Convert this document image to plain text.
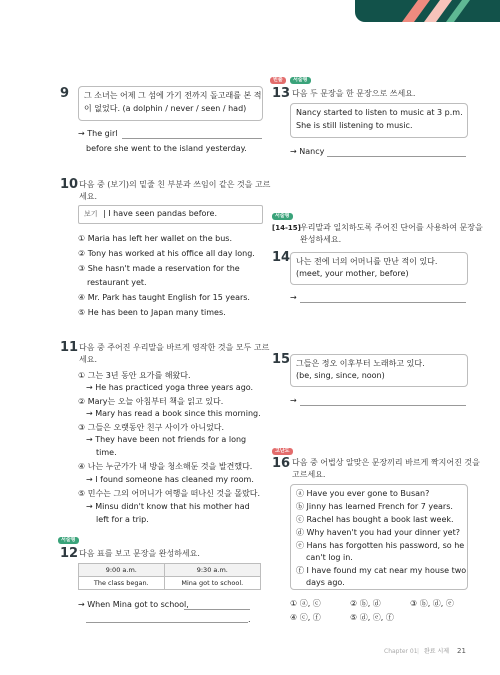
9 그 소녀는 어제 그 섬에 가기 전까지 돌고래를 본 적
이 없었다. (a dolphin / never / seen / had)
→ The girl
before she went to the island yesterday.
10 다음 중 (보기)의 밑줄 친 부분과 쓰임이 같은 것을 고르
세요.
보기 | I have seen pandas before.
① Maria has left her wallet on the bus.
② Tony has worked at his office all day long.
③ She hasn't made a reservation for the
restaurant yet.
④ Mr. Park has taught English for 15 years.
⑤ He has been to Japan many times.
11 다음 중 주어진 우리말을 바르게 영작한 것을 모두 고르
세요.
① 그는 3년 동안 요가를 해왔다.
→ He has practiced yoga three years ago.
② Mary는 오늘 아침부터 책을 읽고 있다.
→ Mary has read a book since this morning.
③ 그들은 오랫동안 친구 사이가 아니었다.
→ They have been not friends for a long
time.
④ 나는 누군가가 내 방을 청소해둔 것을 발견했다.
→ I found someone has cleaned my room.
⑤ 민수는 그의 어머니가 여행을 떠나신 것을 몰랐다.
→ Minsu didn't know that his mother had
left for a trip.
서술형
12 다음 표를 보고 문장을 완성하세요.
9:00 a.m.	9:30 a.m.
The class began.	Mina got to school.
→ When Mina got to school,
.
빈출	서술형
13 다음 두 문장을 한 문장으로 쓰세요.
Nancy started to listen to music at 3 p.m.
She is still listening to music.
→ Nancy
서술형
[14-15] 우리말과 일치하도록 주어진 단어를 사용하여 문장을
완성하세요.
14 나는 전에 너의 어머니를 만난 적이 있다.
(meet, your mother, before)
→
15 그들은 정오 이후부터 노래하고 있다.
(be, sing, since, noon)
→
고난도
16 다음 중 어법상 알맞은 문장끼리 바르게 짝지어진 것을
고르세요.
ⓐ Have you ever gone to Busan?
ⓑ Jinny has learned French for 7 years.
ⓒ Rachel has bought a book last week.
ⓓ Why haven't you had your dinner yet?
ⓔ Hans has forgotten his password, so he
can't log in.
ⓕ I have found my cat near my house two
days ago.
① ⓐ, ⓒ	② ⓑ, ⓓ	③ ⓑ, ⓓ, ⓔ
④ ⓒ, ⓕ	⑤ ⓓ, ⓔ, ⓕ
Chapter 01 | 완료 시제 21
